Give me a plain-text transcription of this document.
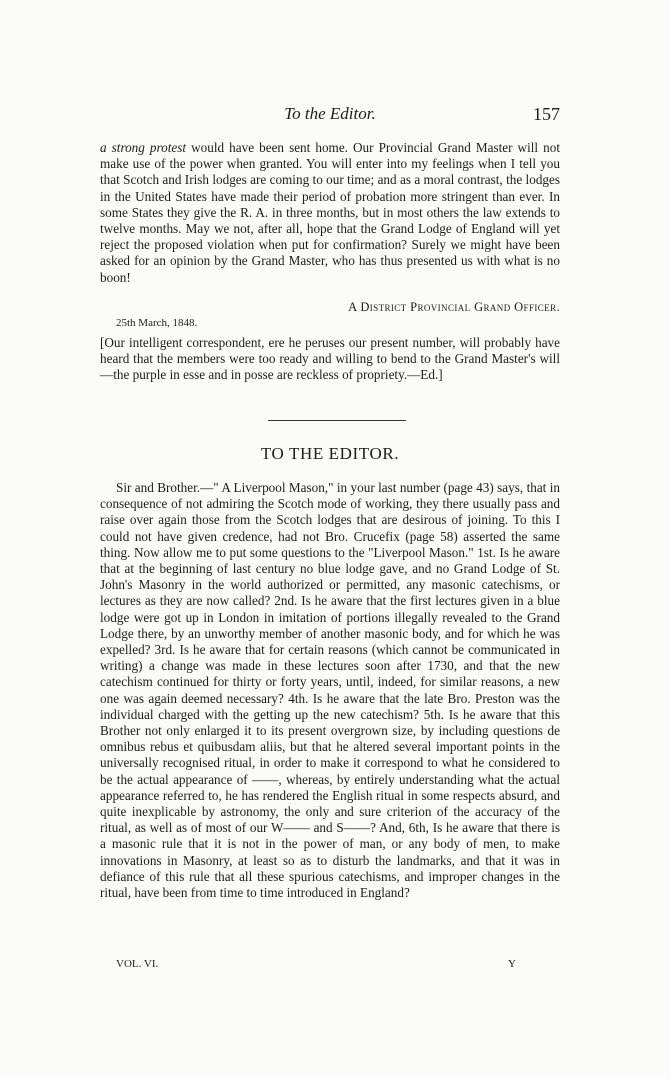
To the Editor.	157
a strong protest would have been sent home. Our Provincial Grand Master will not make use of the power when granted. You will enter into my feelings when I tell you that Scotch and Irish lodges are coming to our time; and as a moral contrast, the lodges in the United States have made their period of probation more stringent than ever. In some States they give the R. A. in three months, but in most others the law extends to twelve months. May we not, after all, hope that the Grand Lodge of England will yet reject the proposed violation when put for confirmation? Surely we might have been asked for an opinion by the Grand Master, who has thus presented us with what is no boon!
A District Provincial Grand Officer.
25th March, 1848.
[Our intelligent correspondent, ere he peruses our present number, will probably have heard that the members were too ready and willing to bend to the Grand Master's will—the purple in esse and in posse are reckless of propriety.—Ed.]
TO THE EDITOR.
Sir and Brother.—" A Liverpool Mason," in your last number (page 43) says, that in consequence of not admiring the Scotch mode of working, they there usually pass and raise over again those from the Scotch lodges that are desirous of joining. To this I could not have given credence, had not Bro. Crucefix (page 58) asserted the same thing. Now allow me to put some questions to the "Liverpool Mason." 1st. Is he aware that at the beginning of last century no blue lodge gave, and no Grand Lodge of St. John's Masonry in the world authorized or permitted, any masonic catechisms, or lectures as they are now called? 2nd. Is he aware that the first lectures given in a blue lodge were got up in London in imitation of portions illegally revealed to the Grand Lodge there, by an unworthy member of another masonic body, and for which he was expelled? 3rd. Is he aware that for certain reasons (which cannot be communicated in writing) a change was made in these lectures soon after 1730, and that the new catechism continued for thirty or forty years, until, indeed, for similar reasons, a new one was again deemed necessary? 4th. Is he aware that the late Bro. Preston was the individual charged with the getting up the new catechism? 5th. Is he aware that this Brother not only enlarged it to its present overgrown size, by including questions de omnibus rebus et quibusdam aliis, but that he altered several important points in the universally recognised ritual, in order to make it correspond to what he considered to be the actual appearance of ——, whereas, by entirely understanding what the actual appearance referred to, he has rendered the English ritual in some respects absurd, and quite inexplicable by astronomy, the only and sure criterion of the accuracy of the ritual, as well as of most of our W—— and S——? And, 6th, Is he aware that there is a masonic rule that it is not in the power of man, or any body of men, to make innovations in Masonry, at least so as to disturb the landmarks, and that it was in defiance of this rule that all these spurious catechisms, and improper changes in the ritual, have been from time to time introduced in England?
VOL. VI.	Y
